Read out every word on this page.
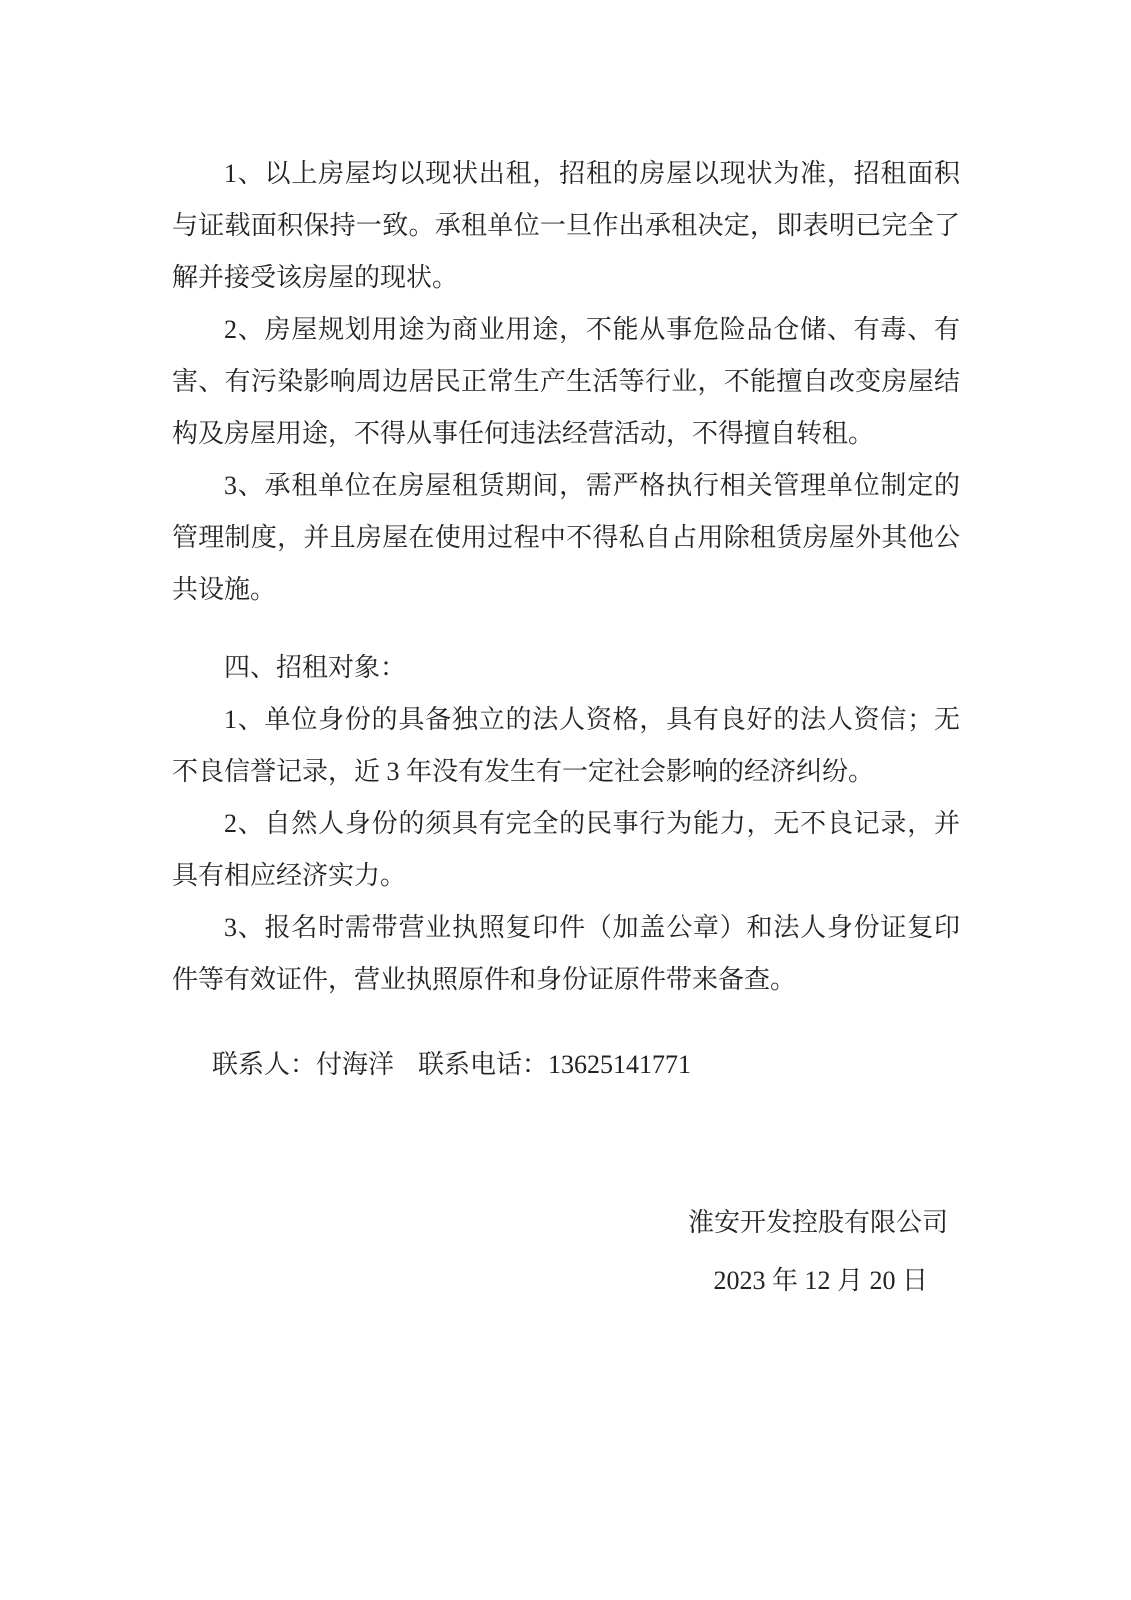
1、以上房屋均以现状出租，招租的房屋以现状为准，招租面积与证载面积保持一致。承租单位一旦作出承租决定，即表明已完全了解并接受该房屋的现状。

2、房屋规划用途为商业用途，不能从事危险品仓储、有毒、有害、有污染影响周边居民正常生产生活等行业，不能擅自改变房屋结构及房屋用途，不得从事任何违法经营活动，不得擅自转租。

3、承租单位在房屋租赁期间，需严格执行相关管理单位制定的管理制度，并且房屋在使用过程中不得私自占用除租赁房屋外其他公共设施。

四、招租对象：

1、单位身份的具备独立的法人资格，具有良好的法人资信；无不良信誉记录，近 3 年没有发生有一定社会影响的经济纠纷。

2、自然人身份的须具有完全的民事行为能力，无不良记录，并具有相应经济实力。

3、报名时需带营业执照复印件（加盖公章）和法人身份证复印件等有效证件，营业执照原件和身份证原件带来备查。

联系人：付海洋 联系电话：13625141771

淮安开发控股有限公司

2023 年 12 月 20 日
